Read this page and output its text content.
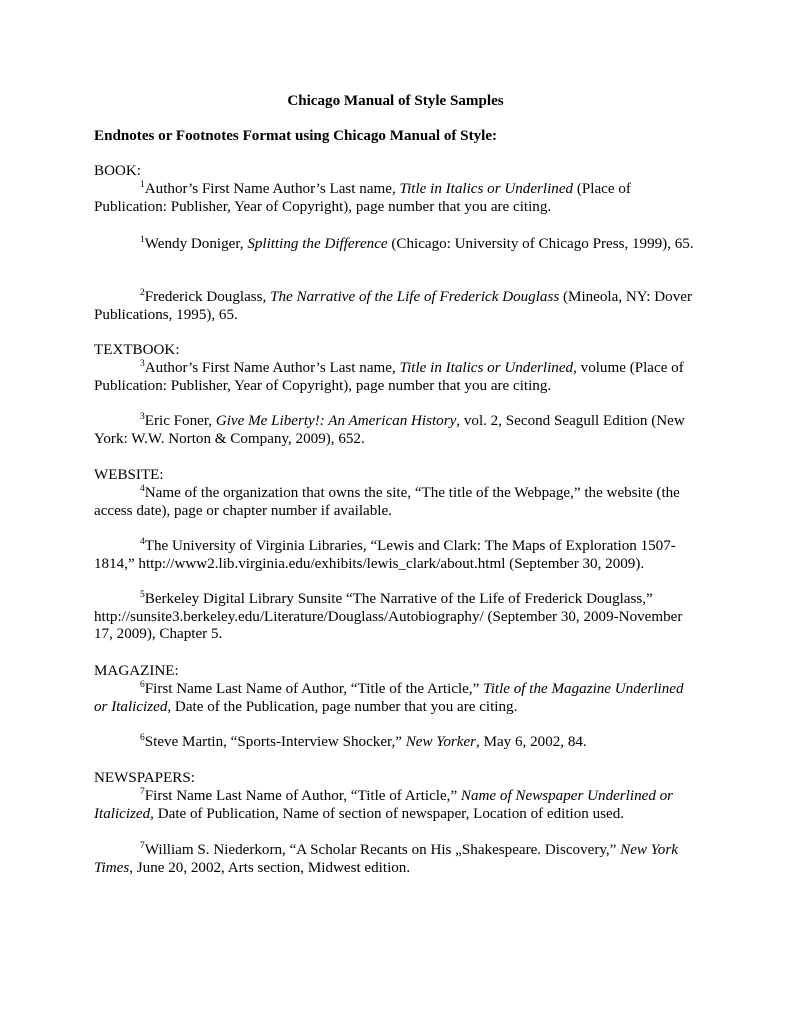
Chicago Manual of Style Samples
Endnotes or Footnotes Format using Chicago Manual of Style:
BOOK:
$^1$Author’s First Name Author’s Last name, Title in Italics or Underlined (Place of Publication: Publisher, Year of Copyright), page number that you are citing.
$^1$Wendy Doniger, Splitting the Difference (Chicago: University of Chicago Press, 1999), 65.
$^2$Frederick Douglass, The Narrative of the Life of Frederick Douglass (Mineola, NY: Dover Publications, 1995), 65.
TEXTBOOK:
$^3$Author’s First Name Author’s Last name, Title in Italics or Underlined, volume (Place of Publication: Publisher, Year of Copyright), page number that you are citing.
$^3$Eric Foner, Give Me Liberty!: An American History, vol. 2, Second Seagull Edition (New York: W.W. Norton & Company, 2009), 652.
WEBSITE:
$^4$Name of the organization that owns the site, “The title of the Webpage,” the website (the access date), page or chapter number if available.
$^4$The University of Virginia Libraries, “Lewis and Clark: The Maps of Exploration 1507-1814,” http://www2.lib.virginia.edu/exhibits/lewis_clark/about.html (September 30, 2009).
$^5$Berkeley Digital Library Sunsite “The Narrative of the Life of Frederick Douglass,” http://sunsite3.berkeley.edu/Literature/Douglass/Autobiography/ (September 30, 2009-November 17, 2009), Chapter 5.
MAGAZINE:
$^6$First Name Last Name of Author, “Title of the Article,” Title of the Magazine Underlined or Italicized, Date of the Publication, page number that you are citing.
$^6$Steve Martin, “Sports-Interview Shocker,” New Yorker, May 6, 2002, 84.
NEWSPAPERS:
$^7$First Name Last Name of Author, “Title of Article,” Name of Newspaper Underlined or Italicized, Date of Publication, Name of section of newspaper, Location of edition used.
$^7$William S. Niederkorn, “A Scholar Recants on His „Shakespeare. Discovery,” New York Times, June 20, 2002, Arts section, Midwest edition.
